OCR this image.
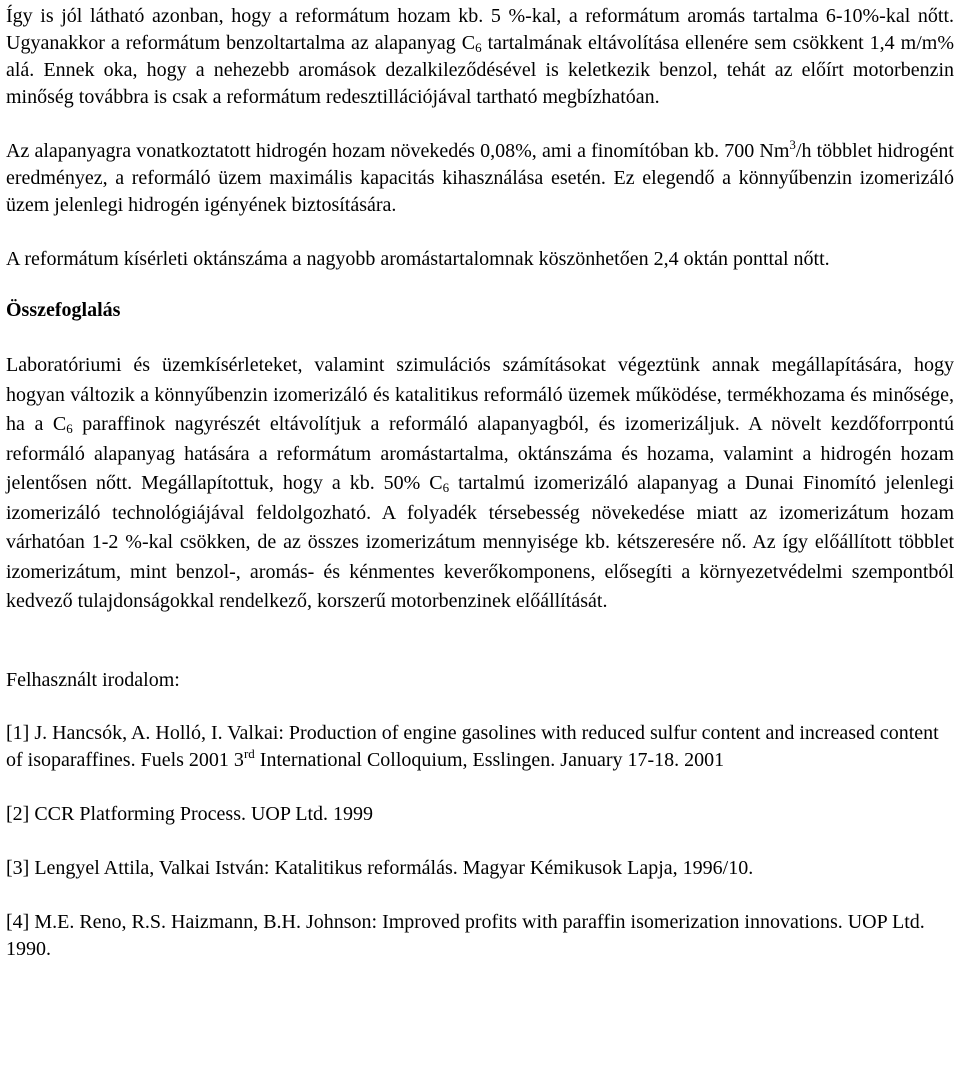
Így is jól látható azonban, hogy a reformátum hozam kb. 5 %-kal, a reformátum aromás tartalma 6-10%-kal nőtt. Ugyanakkor a reformátum benzoltartalma az alapanyag $C_6$ tartalmának eltávolítása ellenére sem csökkent 1,4 m/m% alá. Ennek oka, hogy a nehezebb aromások dezalkileződésével is keletkezik benzol, tehát az előírt motorbenzin minőség továbbra is csak a reformátum redesztillációjával tartható megbízhatóan.

Az alapanyagra vonatkoztatott hidrogén hozam növekedés 0,08%, ami a finomítóban kb. 700 Nm$^3$/h többlet hidrogént eredményez, a reformáló üzem maximális kapacitás kihasználása esetén. Ez elegendő a könnyűbenzin izomerizáló üzem jelenlegi hidrogén igényének biztosítására.

A reformátum kísérleti oktánszáma a nagyobb aromástartalomnak köszönhetően 2,4 oktán ponttal nőtt.

Összefoglalás

Laboratóriumi és üzemkísérleteket, valamint szimulációs számításokat végeztünk annak megállapítására, hogy hogyan változik a könnyűbenzin izomerizáló és katalitikus reformáló üzemek működése, termékhozama és minősége, ha a $C_6$ paraffinok nagyrészét eltávolítjuk a reformáló alapanyagból, és izomerizáljuk. A növelt kezdőforrpontú reformáló alapanyag hatására a reformátum aromástartalma, oktánszáma és hozama, valamint a hidrogén hozam jelentősen nőtt. Megállapítottuk, hogy a kb. 50% $C_6$ tartalmú izomerizáló alapanyag a Dunai Finomító jelenlegi izomerizáló technológiájával feldolgozható. A folyadék térsebesség növekedése miatt az izomerizátum hozam várhatóan 1-2 %-kal csökken, de az összes izomerizátum mennyisége kb. kétszeresére nő. Az így előállított többlet izomerizátum, mint benzol-, aromás- és kénmentes keverőkomponens, elősegíti a környezetvédelmi szempontból kedvező tulajdonságokkal rendelkező, korszerű motorbenzinek előállítását.

Felhasznált irodalom:

[1] J. Hancsók, A. Holló, I. Valkai: Production of engine gasolines with reduced sulfur content and increased content of isoparaffines. Fuels 2001 3rd International Colloquium, Esslingen. January 17-18. 2001

[2] CCR Platforming Process. UOP Ltd. 1999

[3] Lengyel Attila, Valkai István: Katalitikus reformálás. Magyar Kémikusok Lapja, 1996/10.

[4] M.E. Reno, R.S. Haizmann, B.H. Johnson: Improved profits with paraffin isomerization innovations. UOP Ltd. 1990.
